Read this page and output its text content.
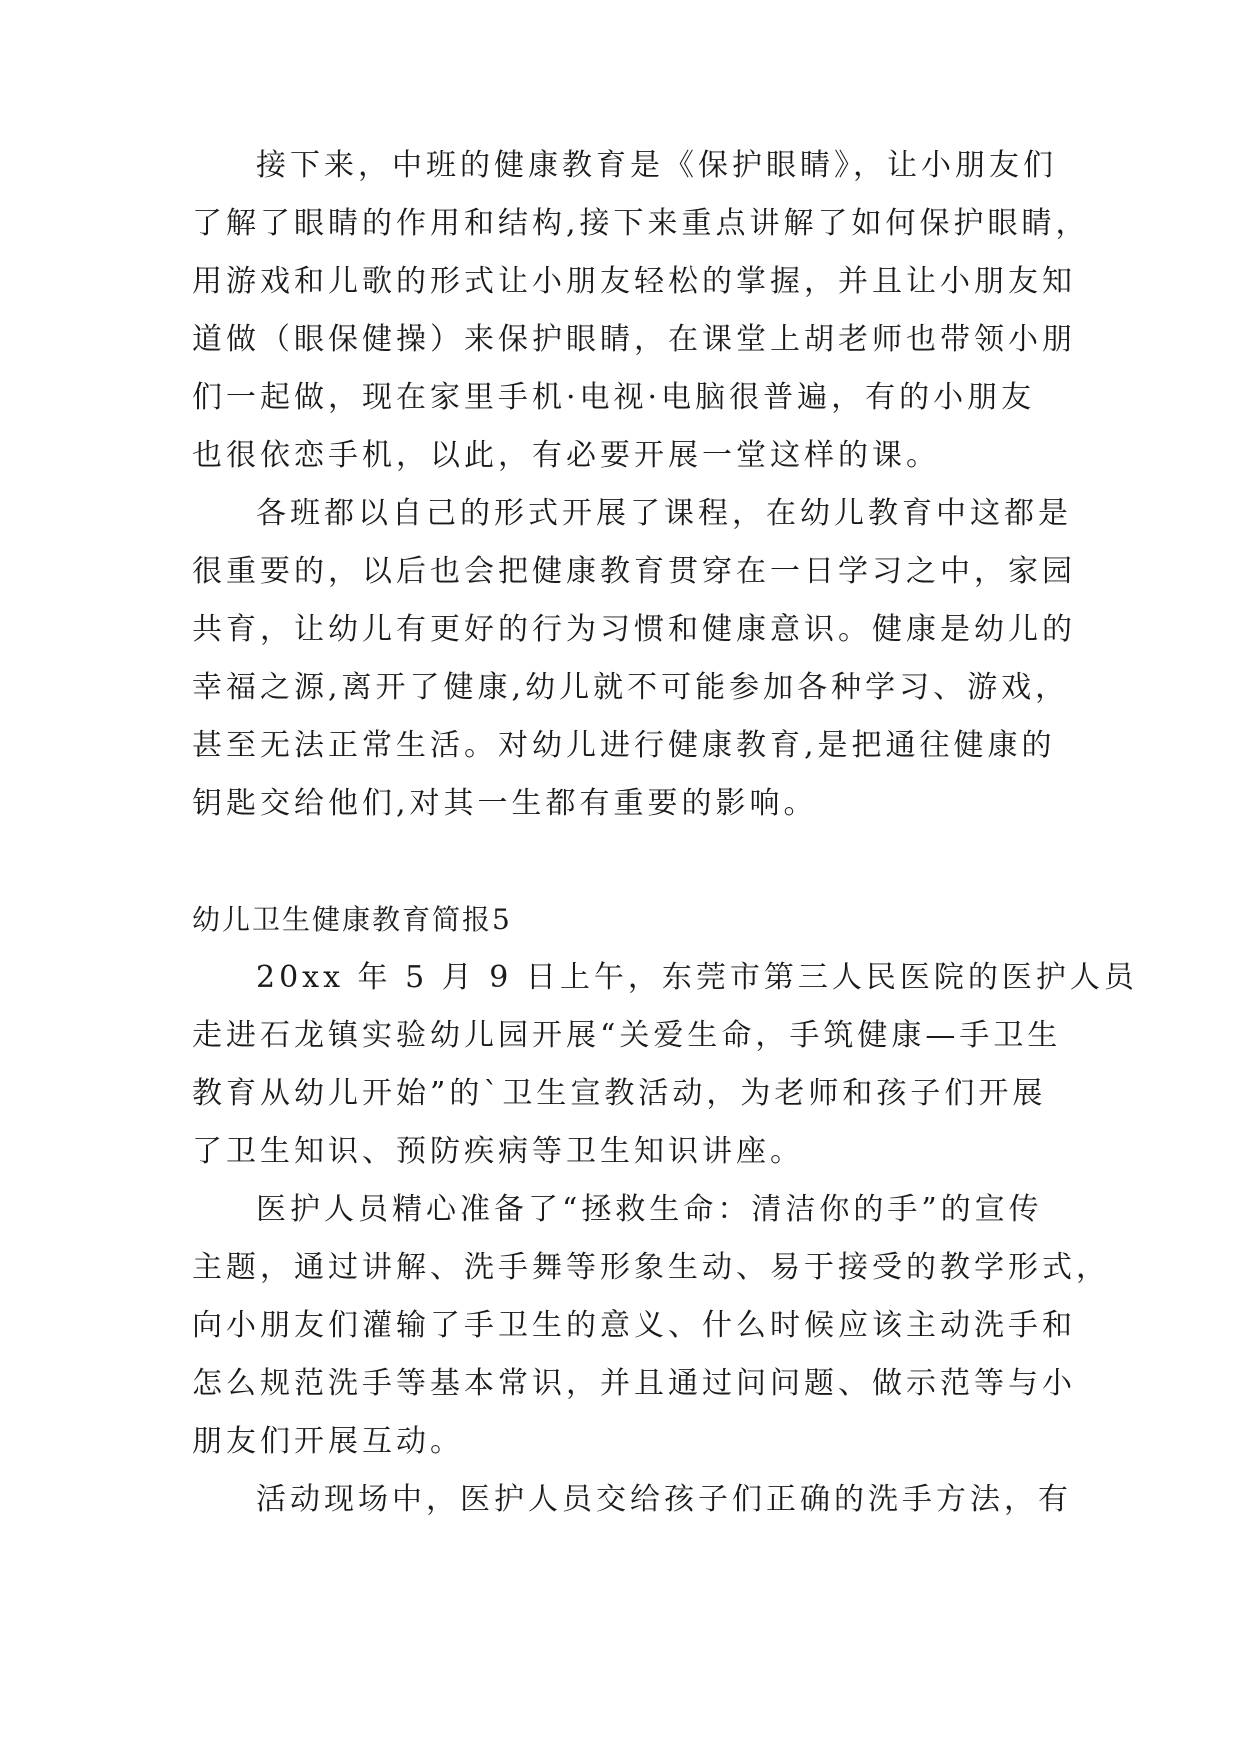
接下来，中班的健康教育是《保护眼睛》，让小朋友们
了解了眼睛的作用和结构,接下来重点讲解了如何保护眼睛，
用游戏和儿歌的形式让小朋友轻松的掌握，并且让小朋友知
道做（眼保健操）来保护眼睛，在课堂上胡老师也带领小朋
们一起做，现在家里手机·电视·电脑很普遍，有的小朋友
也很依恋手机，以此，有必要开展一堂这样的课。
各班都以自己的形式开展了课程，在幼儿教育中这都是
很重要的，以后也会把健康教育贯穿在一日学习之中，家园
共育，让幼儿有更好的行为习惯和健康意识。健康是幼儿的
幸福之源,离开了健康,幼儿就不可能参加各种学习、游戏，
甚至无法正常生活。对幼儿进行健康教育,是把通往健康的
钥匙交给他们,对其一生都有重要的影响。
幼儿卫生健康教育简报5
20xx 年 5 月 9 日上午，东莞市第三人民医院的医护人员
走进石龙镇实验幼儿园开展“关爱生命，手筑健康—手卫生
教育从幼儿开始”的`卫生宣教活动，为老师和孩子们开展
了卫生知识、预防疾病等卫生知识讲座。
医护人员精心准备了“拯救生命：清洁你的手”的宣传
主题，通过讲解、洗手舞等形象生动、易于接受的教学形式，
向小朋友们灌输了手卫生的意义、什么时候应该主动洗手和
怎么规范洗手等基本常识，并且通过问问题、做示范等与小
朋友们开展互动。
活动现场中，医护人员交给孩子们正确的洗手方法，有
